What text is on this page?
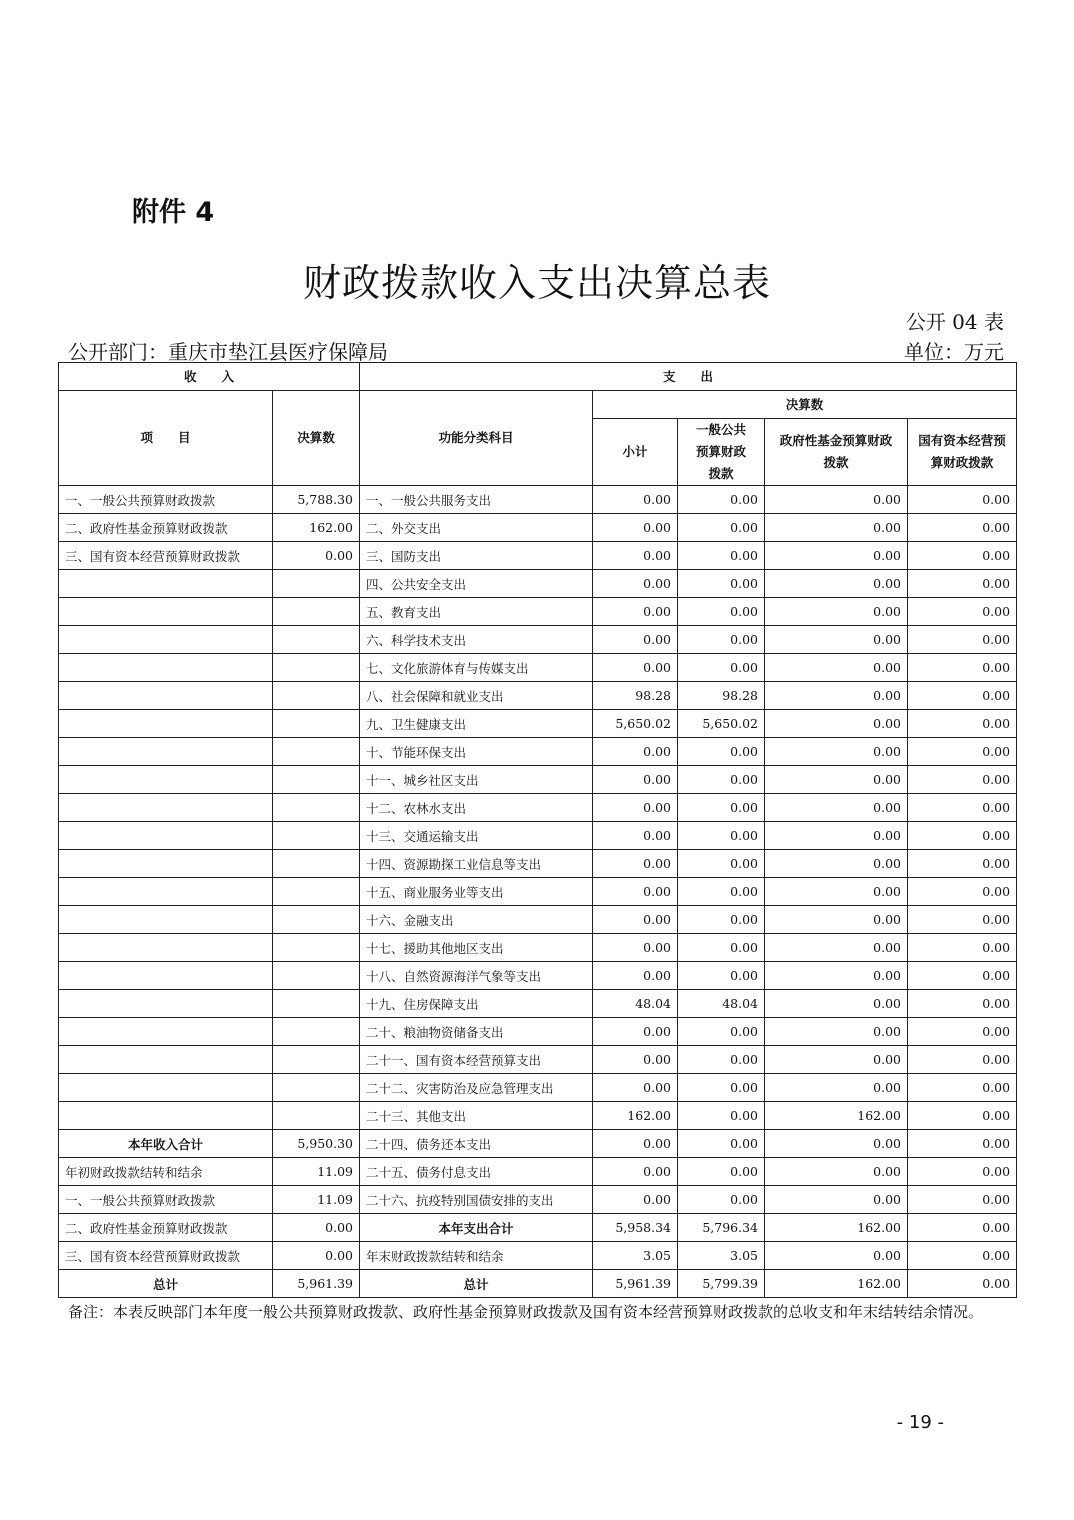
附件 4
财政拨款收入支出决算总表
公开 04 表
公开部门：重庆市垫江县医疗保障局	单位：万元
收　　入		支　　出				
项　　目	决算数	功能分类科目	决算数			
			小计	一般公共预算财政拨款	政府性基金预算财政拨款	国有资本经营预算财政拨款
一、一般公共预算财政拨款	5,788.30	一、一般公共服务支出	0.00	0.00	0.00	0.00
二、政府性基金预算财政拨款	162.00	二、外交支出	0.00	0.00	0.00	0.00
三、国有资本经营预算财政拨款	0.00	三、国防支出	0.00	0.00	0.00	0.00
		四、公共安全支出	0.00	0.00	0.00	0.00
		五、教育支出	0.00	0.00	0.00	0.00
		六、科学技术支出	0.00	0.00	0.00	0.00
		七、文化旅游体育与传媒支出	0.00	0.00	0.00	0.00
		八、社会保障和就业支出	98.28	98.28	0.00	0.00
		九、卫生健康支出	5,650.02	5,650.02	0.00	0.00
		十、节能环保支出	0.00	0.00	0.00	0.00
		十一、城乡社区支出	0.00	0.00	0.00	0.00
		十二、农林水支出	0.00	0.00	0.00	0.00
		十三、交通运输支出	0.00	0.00	0.00	0.00
		十四、资源勘探工业信息等支出	0.00	0.00	0.00	0.00
		十五、商业服务业等支出	0.00	0.00	0.00	0.00
		十六、金融支出	0.00	0.00	0.00	0.00
		十七、援助其他地区支出	0.00	0.00	0.00	0.00
		十八、自然资源海洋气象等支出	0.00	0.00	0.00	0.00
		十九、住房保障支出	48.04	48.04	0.00	0.00
		二十、粮油物资储备支出	0.00	0.00	0.00	0.00
		二十一、国有资本经营预算支出	0.00	0.00	0.00	0.00
		二十二、灾害防治及应急管理支出	0.00	0.00	0.00	0.00
		二十三、其他支出	162.00	0.00	162.00	0.00
本年收入合计	5,950.30	二十四、债务还本支出	0.00	0.00	0.00	0.00
年初财政拨款结转和结余	11.09	二十五、债务付息支出	0.00	0.00	0.00	0.00
一、一般公共预算财政拨款	11.09	二十六、抗疫特别国债安排的支出	0.00	0.00	0.00	0.00
二、政府性基金预算财政拨款	0.00	本年支出合计	5,958.34	5,796.34	162.00	0.00
三、国有资本经营预算财政拨款	0.00	年末财政拨款结转和结余	3.05	3.05	0.00	0.00
总计	5,961.39	总计	5,961.39	5,799.39	162.00	0.00
备注：本表反映部门本年度一般公共预算财政拨款、政府性基金预算财政拨款及国有资本经营预算财政拨款的总收支和年末结转结余情况。
- 19 -
